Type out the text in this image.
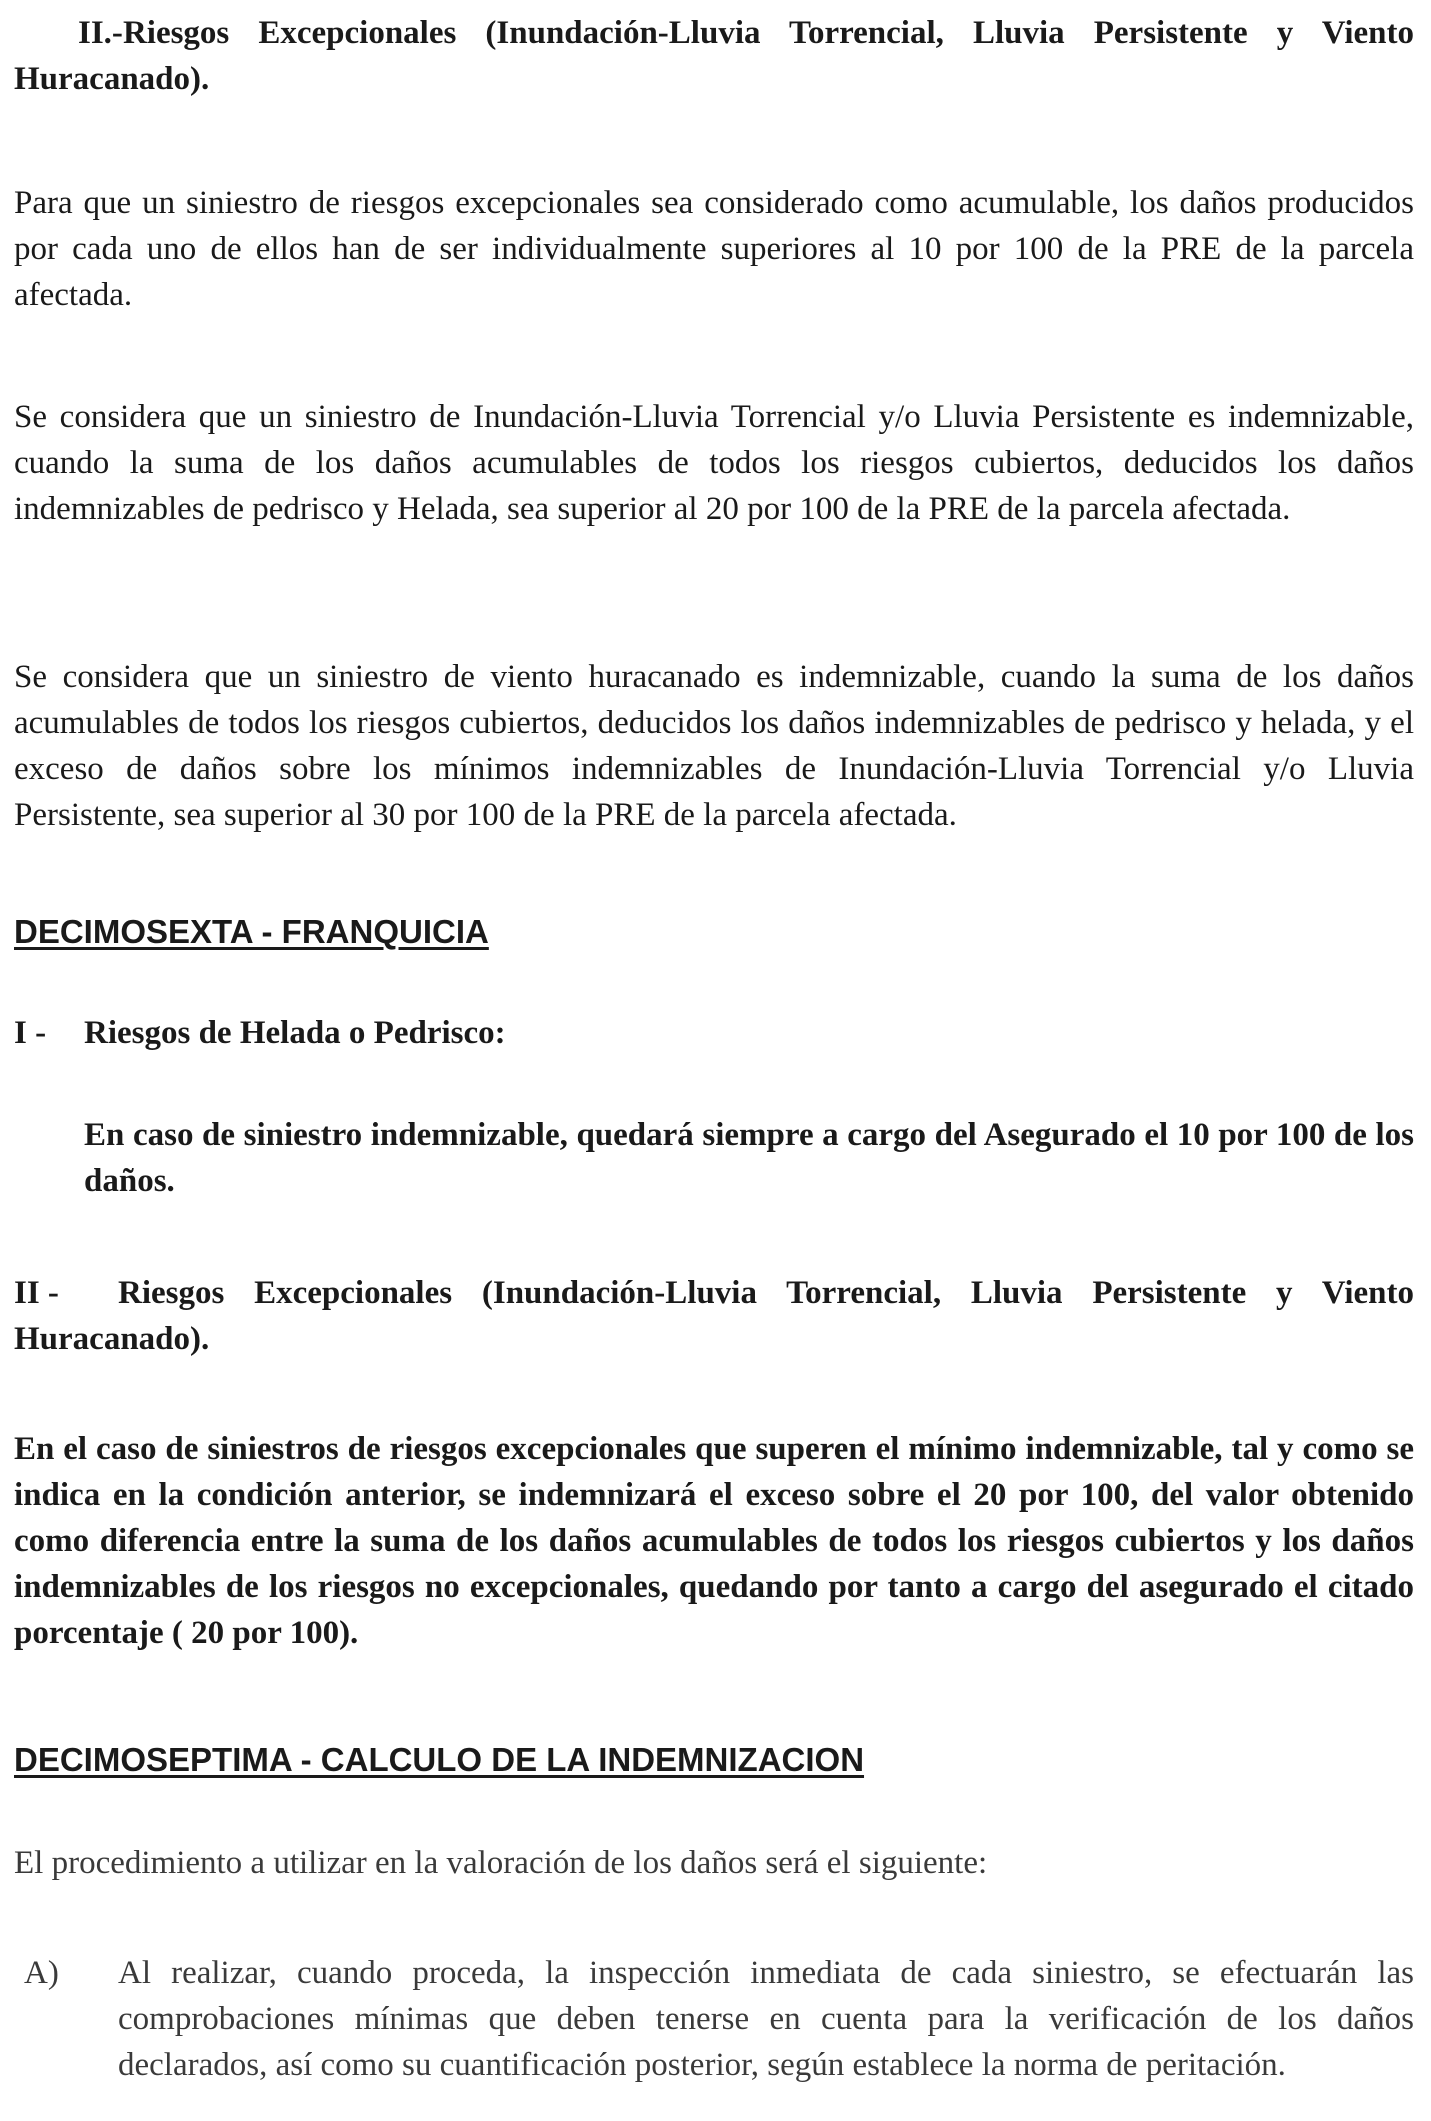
II.-Riesgos Excepcionales (Inundación-Lluvia Torrencial, Lluvia Persistente y Viento Huracanado).

Para que un siniestro de riesgos excepcionales sea considerado como acumulable, los daños producidos por cada uno de ellos han de ser individualmente superiores al 10 por 100 de la PRE de la parcela afectada.

Se considera que un siniestro de Inundación-Lluvia Torrencial y/o Lluvia Persistente es indemnizable, cuando la suma de los daños acumulables de todos los riesgos cubiertos, deducidos los daños indemnizables de pedrisco y Helada, sea superior al 20 por 100 de la PRE de la parcela afectada.

Se considera que un siniestro de viento huracanado es indemnizable, cuando la suma de los daños acumulables de todos los riesgos cubiertos, deducidos los daños indemnizables de pedrisco y helada, y el exceso de daños sobre los mínimos indemnizables de Inundación-Lluvia Torrencial y/o Lluvia Persistente, sea superior al 30 por 100 de la PRE de la parcela afectada.

DECIMOSEXTA - FRANQUICIA

I - Riesgos de Helada o Pedrisco:

En caso de siniestro indemnizable, quedará siempre a cargo del Asegurado el 10 por 100 de los daños.

II - Riesgos Excepcionales (Inundación-Lluvia Torrencial, Lluvia Persistente y Viento Huracanado).

En el caso de siniestros de riesgos excepcionales que superen el mínimo indemnizable, tal y como se indica en la condición anterior, se indemnizará el exceso sobre el 20 por 100, del valor obtenido como diferencia entre la suma de los daños acumulables de todos los riesgos cubiertos y los daños indemnizables de los riesgos no excepcionales, quedando por tanto a cargo del asegurado el citado porcentaje ( 20 por 100).

DECIMOSEPTIMA - CALCULO DE LA INDEMNIZACION

El procedimiento a utilizar en la valoración de los daños será el siguiente:

A) Al realizar, cuando proceda, la inspección inmediata de cada siniestro, se efectuarán las comprobaciones mínimas que deben tenerse en cuenta para la verificación de los daños declarados, así como su cuantificación posterior, según establece la norma de peritación.
